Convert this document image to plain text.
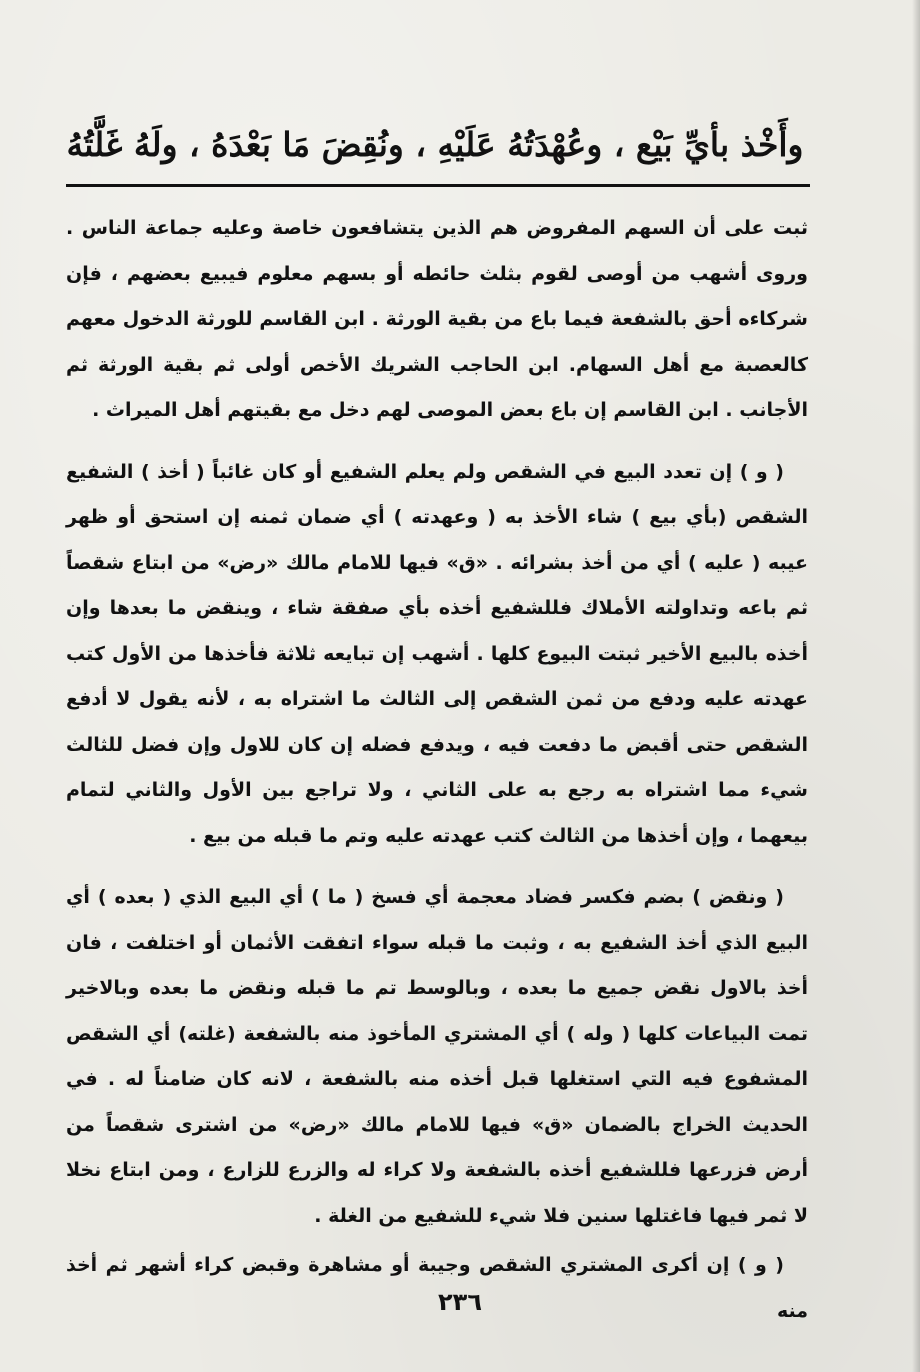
وأَخْذ بأيِّ بَيْع ، وعُهْدَتُهُ عَلَيْهِ ، ونُقِضَ مَا بَعْدَهُ ، ولَهُ غَلَّتُهُ

ثبت على أن السهم المفروض هم الذين يتشافعون خاصة وعليه جماعة الناس . وروى أشهب من أوصى لقوم بثلث حائطه أو بسهم معلوم فيبيع بعضهم ، فإن شركاءه أحق بالشفعة فيما باع من بقية الورثة . ابن القاسم للورثة الدخول معهم كالعصبة مع أهل السهام. ابن الحاجب الشريك الأخص أولى ثم بقية الورثة ثم الأجانب . ابن القاسم إن باع بعض الموصى لهم دخل مع بقيتهم أهل الميراث .

( و ) إن تعدد البيع في الشقص ولم يعلم الشفيع أو كان غائباً ( أخذ ) الشفيع الشقص (بأي بيع ) شاء الأخذ به ( وعهدته ) أي ضمان ثمنه إن استحق أو ظهر عيبه ( عليه ) أي من أخذ بشرائه . «ق» فيها للامام مالك «رض» من ابتاع شقصاً ثم باعه وتداولته الأملاك فللشفيع أخذه بأي صفقة شاء ، وينقض ما بعدها وإن أخذه بالبيع الأخير ثبتت البيوع كلها . أشهب إن تبايعه ثلاثة فأخذها من الأول كتب عهدته عليه ودفع من ثمن الشقص إلى الثالث ما اشتراه به ، لأنه يقول لا أدفع الشقص حتى أقبض ما دفعت فيه ، ويدفع فضله إن كان للاول وإن فضل للثالث شيء مما اشتراه به رجع به على الثاني ، ولا تراجع بين الأول والثاني لتمام بيعهما ، وإن أخذها من الثالث كتب عهدته عليه وتم ما قبله من بيع .

( ونقض ) بضم فكسر فضاد معجمة أي فسخ ( ما ) أي البيع الذي ( بعده ) أي البيع الذي أخذ الشفيع به ، وثبت ما قبله سواء اتفقت الأثمان أو اختلفت ، فان أخذ بالاول نقض جميع ما بعده ، وبالوسط تم ما قبله ونقض ما بعده وبالاخير تمت البياعات كلها ( وله ) أي المشتري المأخوذ منه بالشفعة (غلته) أي الشقص المشفوع فيه التي استغلها قبل أخذه منه بالشفعة ، لانه كان ضامناً له . في الحديث الخراج بالضمان «ق» فيها للامام مالك «رض» من اشترى شقصاً من أرض فزرعها فللشفيع أخذه بالشفعة ولا كراء له والزرع للزارع ، ومن ابتاع نخلا لا ثمر فيها فاغتلها سنين فلا شيء للشفيع من الغلة .

( و ) إن أكرى المشتري الشقص وجيبة أو مشاهرة وقبض كراء أشهر ثم أخذ منه

٢٣٦
